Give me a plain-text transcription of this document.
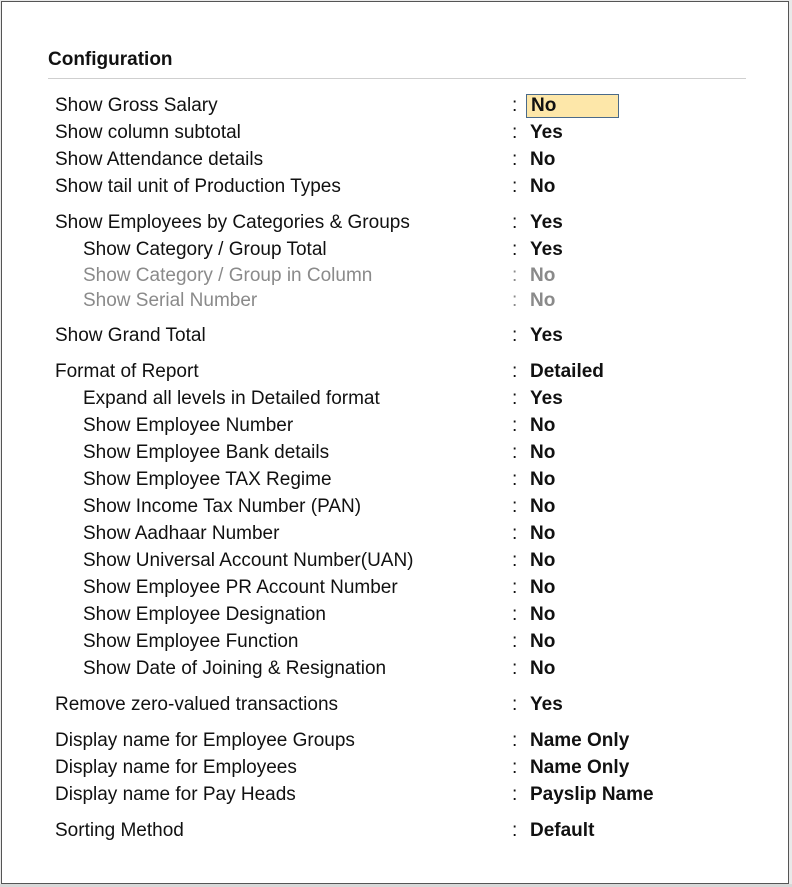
Configuration
Show Gross Salary	: No
Show column subtotal	: Yes
Show Attendance details	: No
Show tail unit of Production Types	: No
Show Employees by Categories & Groups	: Yes
Show Category / Group Total	: Yes
Show Category / Group in Column	: No
Show Serial Number	: No
Show Grand Total	: Yes
Format of Report	: Detailed
Expand all levels in Detailed format	: Yes
Show Employee Number	: No
Show Employee Bank details	: No
Show Employee TAX Regime	: No
Show Income Tax Number (PAN)	: No
Show Aadhaar Number	: No
Show Universal Account Number(UAN)	: No
Show Employee PR Account Number	: No
Show Employee Designation	: No
Show Employee Function	: No
Show Date of Joining & Resignation	: No
Remove zero-valued transactions	: Yes
Display name for Employee Groups	: Name Only
Display name for Employees	: Name Only
Display name for Pay Heads	: Payslip Name
Sorting Method	: Default
